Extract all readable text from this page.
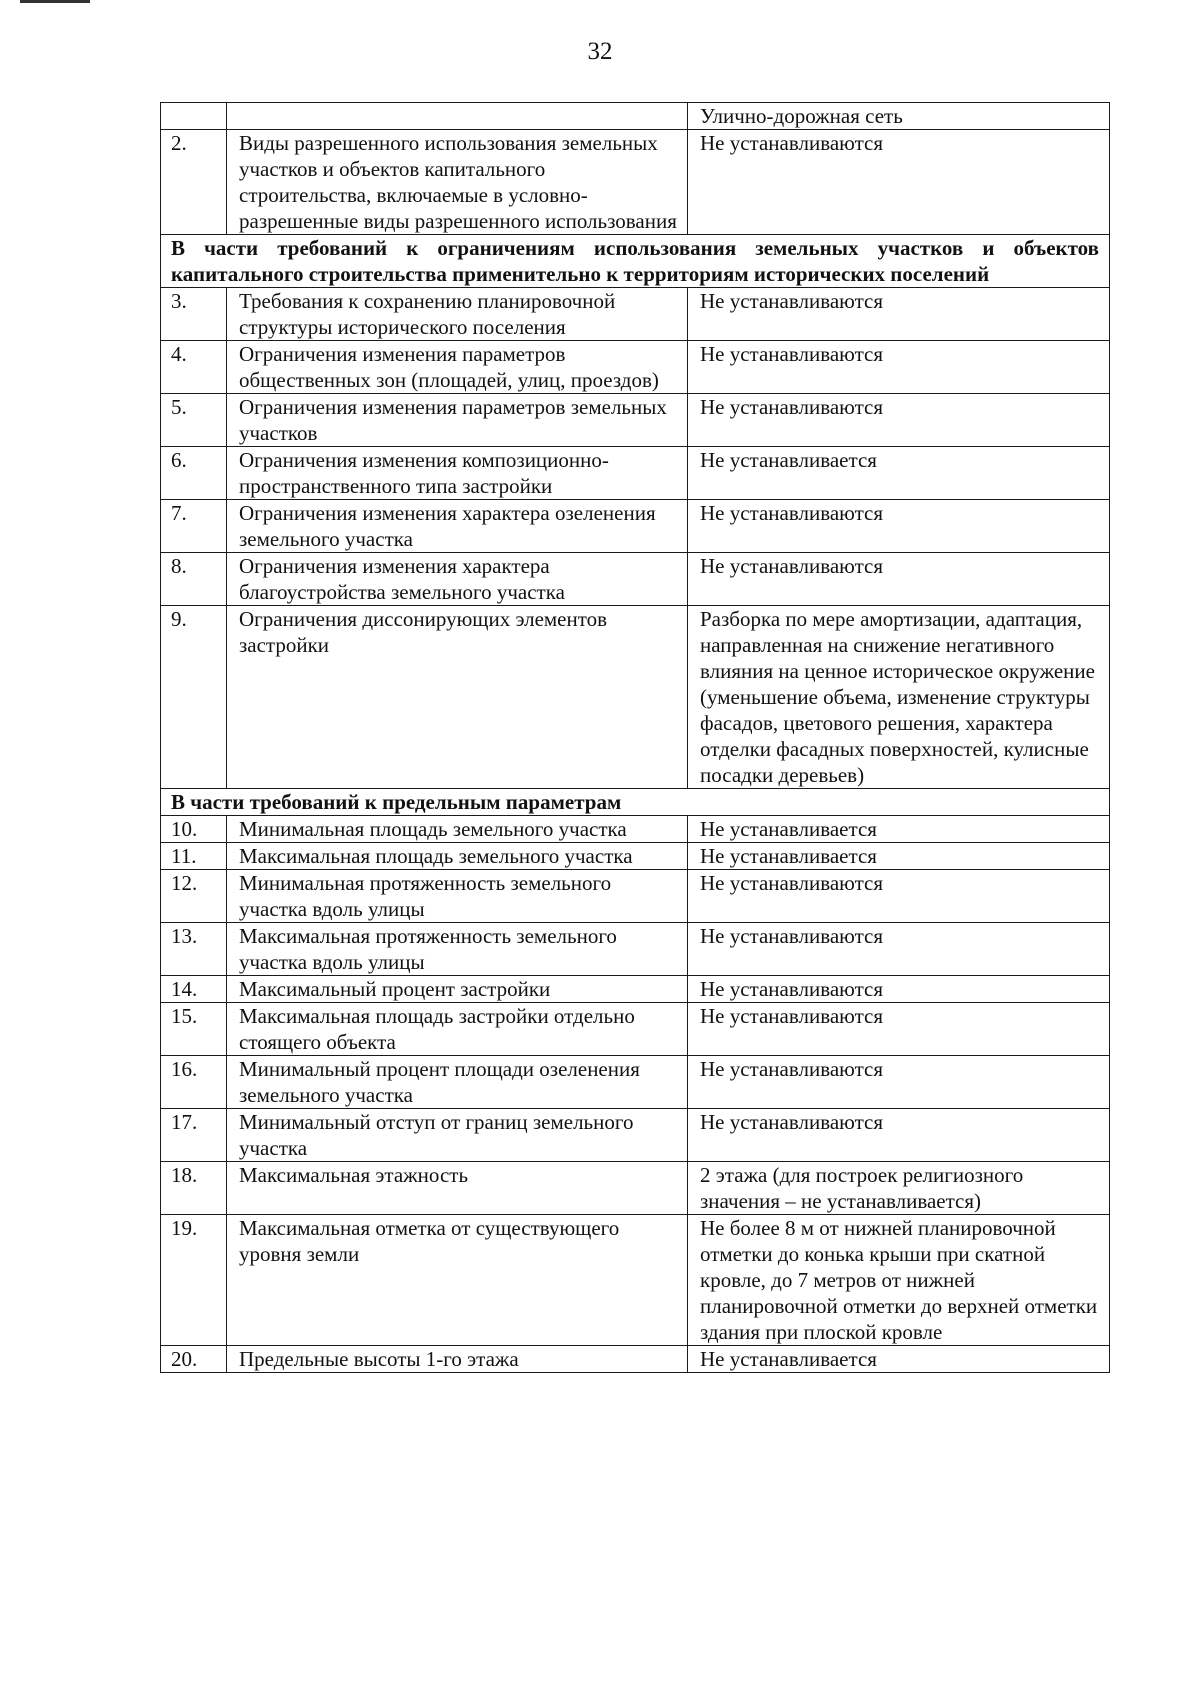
32
		Улично-дорожная сеть
2.	Виды разрешенного использования земельных участков и объектов капитального строительства, включаемые в условно-разрешенные виды разрешенного использования	Не устанавливаются
В части требований к ограничениям использования земельных участков и объектов капитального строительства применительно к территориям исторических поселений		
3.	Требования к сохранению планировочной структуры исторического поселения	Не устанавливаются
4.	Ограничения изменения параметров общественных зон (площадей, улиц, проездов)	Не устанавливаются
5.	Ограничения изменения параметров земельных участков	Не устанавливаются
6.	Ограничения изменения композиционно-пространственного типа застройки	Не устанавливается
7.	Ограничения изменения характера озеленения земельного участка	Не устанавливаются
8.	Ограничения изменения характера благоустройства земельного участка	Не устанавливаются
9.	Ограничения диссонирующих элементов застройки	Разборка по мере амортизации, адаптация, направленная на снижение негативного влияния на ценное историческое окружение (уменьшение объема, изменение структуры фасадов, цветового решения, характера отделки фасадных поверхностей, кулисные посадки деревьев)
В части требований к предельным параметрам		
10.	Минимальная площадь земельного участка	Не устанавливается
11.	Максимальная площадь земельного участка	Не устанавливается
12.	Минимальная протяженность земельного участка вдоль улицы	Не устанавливаются
13.	Максимальная протяженность земельного участка вдоль улицы	Не устанавливаются
14.	Максимальный процент застройки	Не устанавливаются
15.	Максимальная площадь застройки отдельно стоящего объекта	Не устанавливаются
16.	Минимальный процент площади озеленения земельного участка	Не устанавливаются
17.	Минимальный отступ от границ земельного участка	Не устанавливаются
18.	Максимальная этажность	2 этажа (для построек религиозного значения – не устанавливается)
19.	Максимальная отметка от существующего уровня земли	Не более 8 м от нижней планировочной отметки до конька крыши при скатной кровле, до 7 метров от нижней планировочной отметки до верхней отметки здания при плоской кровле
20.	Предельные высоты 1-го этажа	Не устанавливается
